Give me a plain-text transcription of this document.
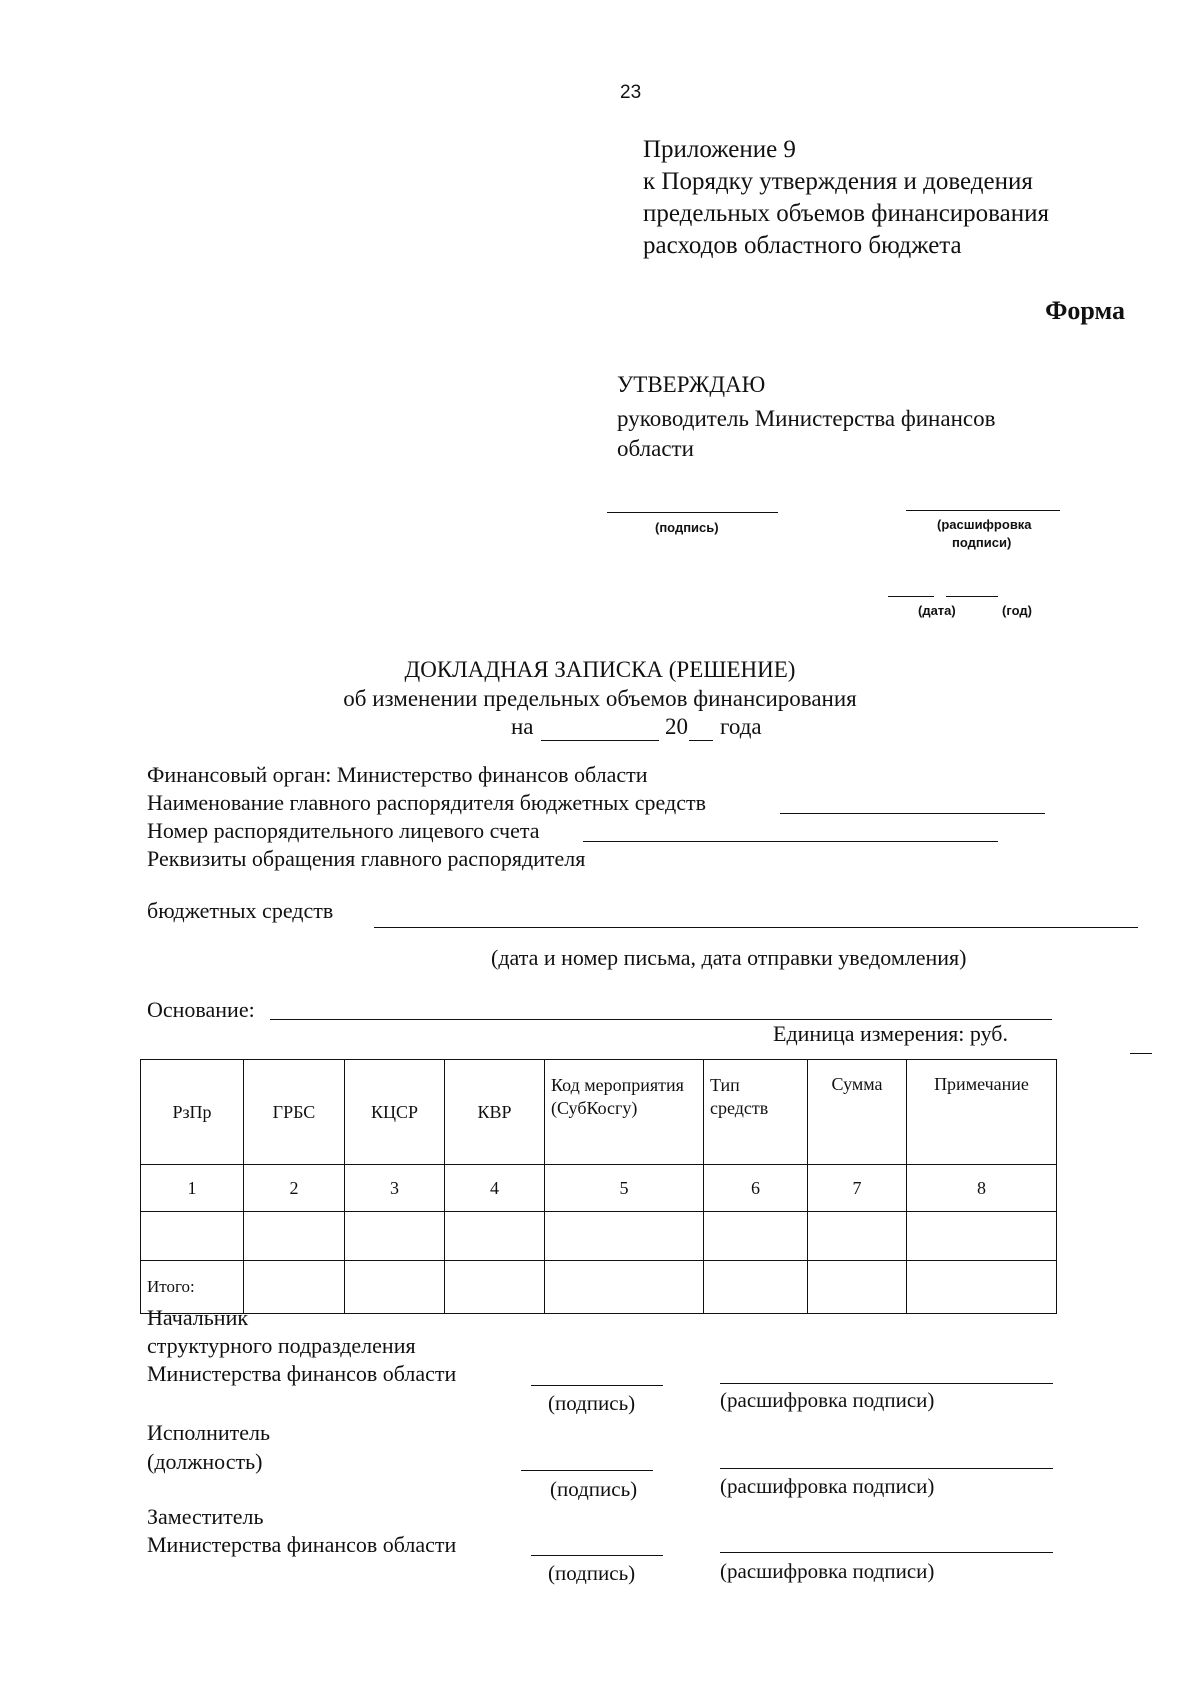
23
Приложение 9
к Порядку утверждения и доведения
предельных объемов финансирования
расходов областного бюджета
Форма
УТВЕРЖДАЮ
руководитель Министерства финансов
области
(подпись)	(расшифровка
подписи)
(дата)	(год)
ДОКЛАДНАЯ ЗАПИСКА (РЕШЕНИЕ)
об изменении предельных объемов финансирования
на	20 года
Финансовый орган: Министерство финансов области
Наименование главного распорядителя бюджетных средств
Номер распорядительного лицевого счета
Реквизиты обращения главного распорядителя
бюджетных средств
(дата и номер письма, дата отправки уведомления)
Основание:
Единица измерения: руб.
РзПр	ГРБС	КЦСР	КВР	Код мероприятия (СубКосгу)	Тип средств	Сумма	Примечание
1	2	3	4	5	6	7	8

Итого:							
Начальник
структурного подразделения
Министерства финансов области
(подпись)	(расшифровка подписи)
Исполнитель
(должность)
(подпись)	(расшифровка подписи)
Заместитель
Министерства финансов области
(подпись)	(расшифровка подписи)
